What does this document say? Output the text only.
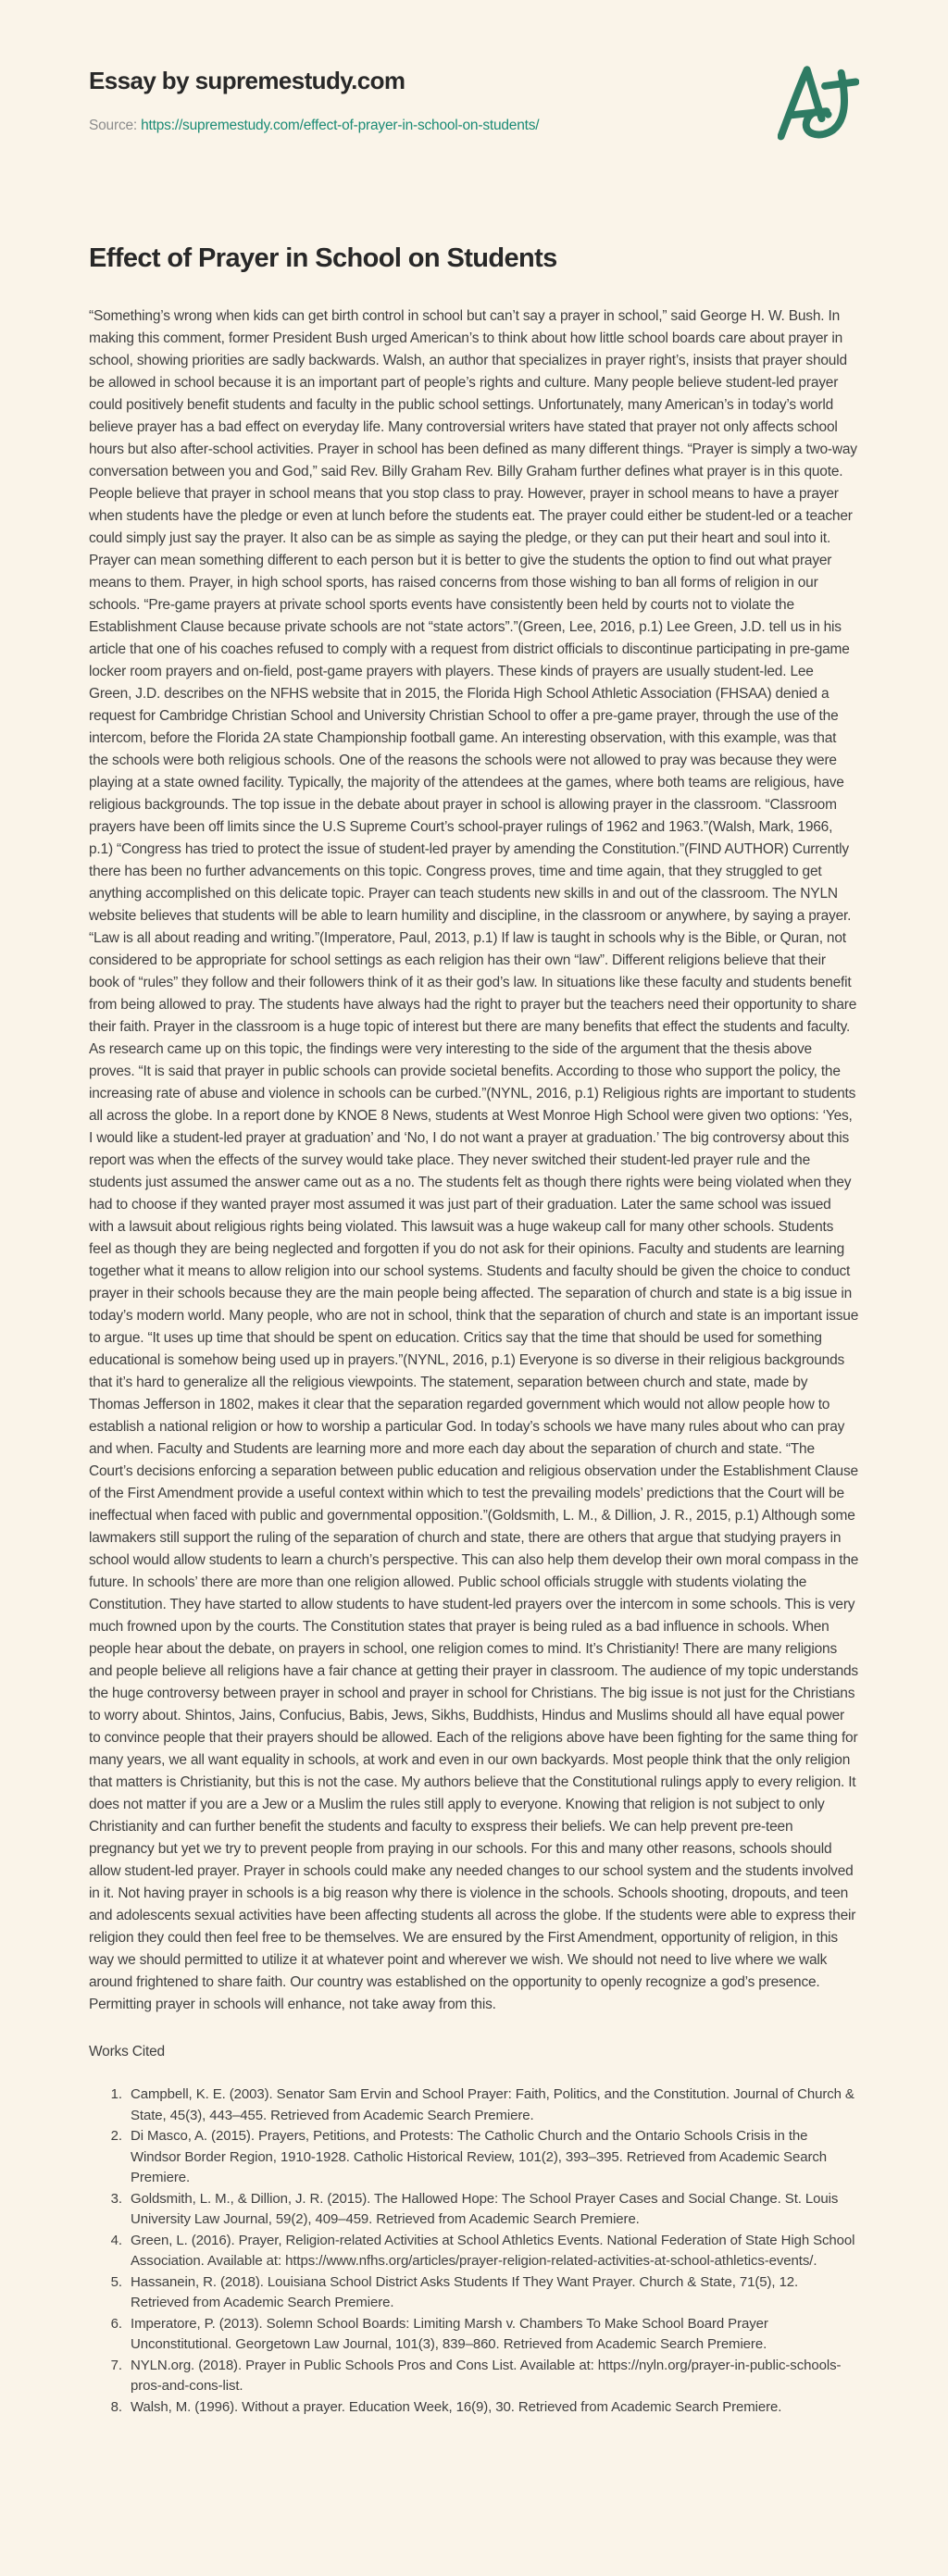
Essay by supremestudy.com

Source: https://supremestudy.com/effect-of-prayer-in-school-on-students/

Effect of Prayer in School on Students

“Something’s wrong when kids can get birth control in school but can’t say a prayer in school,” said George H. W. Bush. In making this comment, former President Bush urged American’s to think about how little school boards care about prayer in school, showing priorities are sadly backwards. Walsh, an author that specializes in prayer right’s, insists that prayer should be allowed in school because it is an important part of people’s rights and culture. Many people believe student-led prayer could positively benefit students and faculty in the public school settings. Unfortunately, many American’s in today’s world believe prayer has a bad effect on everyday life. Many controversial writers have stated that prayer not only affects school hours but also after-school activities. Prayer in school has been defined as many different things. “Prayer is simply a two-way conversation between you and God,” said Rev. Billy Graham Rev. Billy Graham further defines what prayer is in this quote. People believe that prayer in school means that you stop class to pray. However, prayer in school means to have a prayer when students have the pledge or even at lunch before the students eat. The prayer could either be student-led or a teacher could simply just say the prayer. It also can be as simple as saying the pledge, or they can put their heart and soul into it. Prayer can mean something different to each person but it is better to give the students the option to find out what prayer means to them. Prayer, in high school sports, has raised concerns from those wishing to ban all forms of religion in our schools. “Pre-game prayers at private school sports events have consistently been held by courts not to violate the Establishment Clause because private schools are not “state actors”.”(Green, Lee, 2016, p.1) Lee Green, J.D. tell us in his article that one of his coaches refused to comply with a request from district officials to discontinue participating in pre-game locker room prayers and on-field, post-game prayers with players. These kinds of prayers are usually student-led. Lee Green, J.D. describes on the NFHS website that in 2015, the Florida High School Athletic Association (FHSAA) denied a request for Cambridge Christian School and University Christian School to offer a pre-game prayer, through the use of the intercom, before the Florida 2A state Championship football game. An interesting observation, with this example, was that the schools were both religious schools. One of the reasons the schools were not allowed to pray was because they were playing at a state owned facility. Typically, the majority of the attendees at the games, where both teams are religious, have religious backgrounds. The top issue in the debate about prayer in school is allowing prayer in the classroom. “Classroom prayers have been off limits since the U.S Supreme Court’s school-prayer rulings of 1962 and 1963.”(Walsh, Mark, 1966, p.1) “Congress has tried to protect the issue of student-led prayer by amending the Constitution.”(FIND AUTHOR) Currently there has been no further advancements on this topic. Congress proves, time and time again, that they struggled to get anything accomplished on this delicate topic. Prayer can teach students new skills in and out of the classroom. The NYLN website believes that students will be able to learn humility and discipline, in the classroom or anywhere, by saying a prayer. “Law is all about reading and writing.”(Imperatore, Paul, 2013, p.1) If law is taught in schools why is the Bible, or Quran, not considered to be appropriate for school settings as each religion has their own “law”. Different religions believe that their book of “rules” they follow and their followers think of it as their god’s law. In situations like these faculty and students benefit from being allowed to pray. The students have always had the right to prayer but the teachers need their opportunity to share their faith. Prayer in the classroom is a huge topic of interest but there are many benefits that effect the students and faculty. As research came up on this topic, the findings were very interesting to the side of the argument that the thesis above proves. “It is said that prayer in public schools can provide societal benefits. According to those who support the policy, the increasing rate of abuse and violence in schools can be curbed.”(NYNL, 2016, p.1) Religious rights are important to students all across the globe. In a report done by KNOE 8 News, students at West Monroe High School were given two options: ‘Yes, I would like a student-led prayer at graduation’ and ‘No, I do not want a prayer at graduation.’ The big controversy about this report was when the effects of the survey would take place. They never switched their student-led prayer rule and the students just assumed the answer came out as a no. The students felt as though there rights were being violated when they had to choose if they wanted prayer most assumed it was just part of their graduation. Later the same school was issued with a lawsuit about religious rights being violated. This lawsuit was a huge wakeup call for many other schools. Students feel as though they are being neglected and forgotten if you do not ask for their opinions. Faculty and students are learning together what it means to allow religion into our school systems. Students and faculty should be given the choice to conduct prayer in their schools because they are the main people being affected. The separation of church and state is a big issue in today’s modern world. Many people, who are not in school, think that the separation of church and state is an important issue to argue. “It uses up time that should be spent on education. Critics say that the time that should be used for something educational is somehow being used up in prayers.”(NYNL, 2016, p.1) Everyone is so diverse in their religious backgrounds that it’s hard to generalize all the religious viewpoints. The statement, separation between church and state, made by Thomas Jefferson in 1802, makes it clear that the separation regarded government which would not allow people how to establish a national religion or how to worship a particular God. In today’s schools we have many rules about who can pray and when. Faculty and Students are learning more and more each day about the separation of church and state. “The Court’s decisions enforcing a separation between public education and religious observation under the Establishment Clause of the First Amendment provide a useful context within which to test the prevailing models’ predictions that the Court will be ineffectual when faced with public and governmental opposition.”(Goldsmith, L. M., & Dillion, J. R., 2015, p.1) Although some lawmakers still support the ruling of the separation of church and state, there are others that argue that studying prayers in school would allow students to learn a church’s perspective. This can also help them develop their own moral compass in the future. In schools’ there are more than one religion allowed. Public school officials struggle with students violating the Constitution. They have started to allow students to have student-led prayers over the intercom in some schools. This is very much frowned upon by the courts. The Constitution states that prayer is being ruled as a bad influence in schools. When people hear about the debate, on prayers in school, one religion comes to mind. It’s Christianity! There are many religions and people believe all religions have a fair chance at getting their prayer in classroom. The audience of my topic understands the huge controversy between prayer in school and prayer in school for Christians. The big issue is not just for the Christians to worry about. Shintos, Jains, Confucius, Babis, Jews, Sikhs, Buddhists, Hindus and Muslims should all have equal power to convince people that their prayers should be allowed. Each of the religions above have been fighting for the same thing for many years, we all want equality in schools, at work and even in our own backyards. Most people think that the only religion that matters is Christianity, but this is not the case. My authors believe that the Constitutional rulings apply to every religion. It does not matter if you are a Jew or a Muslim the rules still apply to everyone. Knowing that religion is not subject to only Christianity and can further benefit the students and faculty to exspress their beliefs. We can help prevent pre-teen pregnancy but yet we try to prevent people from praying in our schools. For this and many other reasons, schools should allow student-led prayer. Prayer in schools could make any needed changes to our school system and the students involved in it. Not having prayer in schools is a big reason why there is violence in the schools. Schools shooting, dropouts, and teen and adolescents sexual activities have been affecting students all across the globe. If the students were able to express their religion they could then feel free to be themselves. We are ensured by the First Amendment, opportunity of religion, in this way we should permitted to utilize it at whatever point and wherever we wish. We should not need to live where we walk around frightened to share faith. Our country was established on the opportunity to openly recognize a god’s presence. Permitting prayer in schools will enhance, not take away from this.

Works Cited

1. Campbell, K. E. (2003). Senator Sam Ervin and School Prayer: Faith, Politics, and the Constitution. Journal of Church & State, 45(3), 443–455. Retrieved from Academic Search Premiere.
2. Di Masco, A. (2015). Prayers, Petitions, and Protests: The Catholic Church and the Ontario Schools Crisis in the Windsor Border Region, 1910-1928. Catholic Historical Review, 101(2), 393–395. Retrieved from Academic Search Premiere.
3. Goldsmith, L. M., & Dillion, J. R. (2015). The Hallowed Hope: The School Prayer Cases and Social Change. St. Louis University Law Journal, 59(2), 409–459. Retrieved from Academic Search Premiere.
4. Green, L. (2016). Prayer, Religion-related Activities at School Athletics Events. National Federation of State High School Association. Available at: https://www.nfhs.org/articles/prayer-religion-related-activities-at-school-athletics-events/.
5. Hassanein, R. (2018). Louisiana School District Asks Students If They Want Prayer. Church & State, 71(5), 12. Retrieved from Academic Search Premiere.
6. Imperatore, P. (2013). Solemn School Boards: Limiting Marsh v. Chambers To Make School Board Prayer Unconstitutional. Georgetown Law Journal, 101(3), 839–860. Retrieved from Academic Search Premiere.
7. NYLN.org. (2018). Prayer in Public Schools Pros and Cons List. Available at: https://nyln.org/prayer-in-public-schools-pros-and-cons-list.
8. Walsh, M. (1996). Without a prayer. Education Week, 16(9), 30. Retrieved from Academic Search Premiere.
